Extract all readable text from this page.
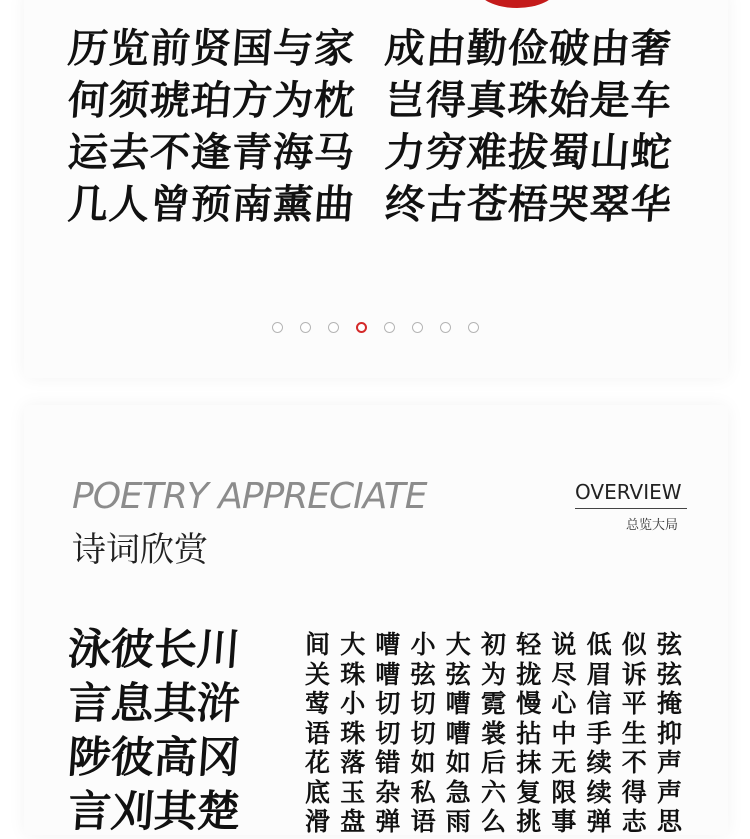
历览前贤国与家  成由勤俭破由奢
何须琥珀方为枕  岂得真珠始是车
运去不逢青海马  力穷难拔蜀山蛇
几人曾预南薰曲  终古苍梧哭翠华
POETRY APPRECIATE
诗词欣赏
OVERVIEW
总览大局
泳彼长川
言息其浒
陟彼高冈
言刈其楚
间大嘈小大初轻说低似弦
关珠嘈弦弦为拢尽眉诉弦
莺小切切嘈霓慢心信平掩
语珠切切嘈裳拈中手生抑
花落错如如后抹无续不声
底玉杂私急六复限续得声
滑盘弹语雨么挑事弹志思
